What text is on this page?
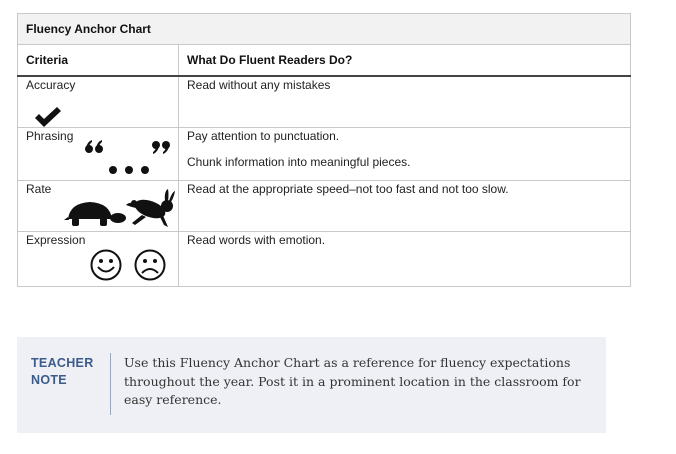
Fluency Anchor Chart	
Criteria	What Do Fluent Readers Do?

Accuracy	Read without any mistakes

Phrasing	Pay attention to punctuation.

Chunk information into meaningful pieces.

Rate	Read at the appropriate speed–not too fast and not too slow.

Expression	Read words with emotion.

TEACHER NOTE
Use this Fluency Anchor Chart as a reference for fluency expectations throughout the year. Post it in a prominent location in the classroom for easy reference.
